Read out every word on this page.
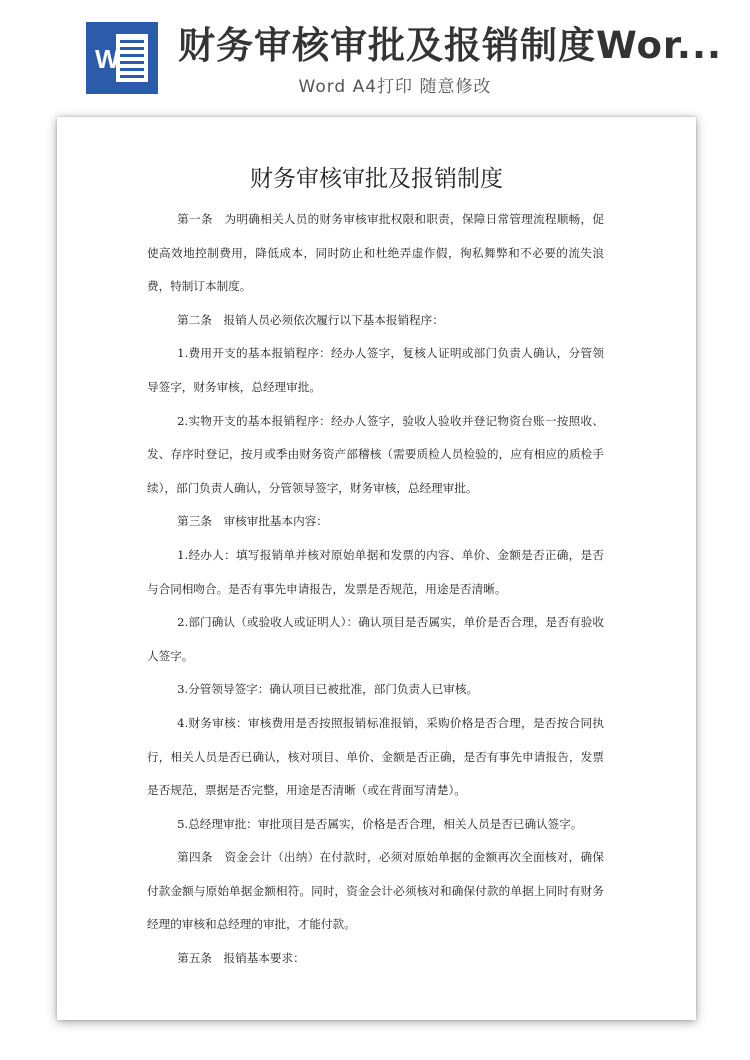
W 财务审核审批及报销制度Wor...
Word A4打印 随意修改
财务审核审批及报销制度

第一条　为明确相关人员的财务审核审批权限和职责，保障日常管理流程顺畅，促使高效地控制费用，降低成本，同时防止和杜绝弄虚作假，徇私舞弊和不必要的流失浪费，特制订本制度。

第二条　报销人员必须依次履行以下基本报销程序：

1.费用开支的基本报销程序：经办人签字，复核人证明或部门负责人确认，分管领导签字，财务审核，总经理审批。

2.实物开支的基本报销程序：经办人签字，验收人验收并登记物资台账一按照收、发、存序时登记，按月或季由财务资产部稽核（需要质检人员检验的，应有相应的质检手续），部门负责人确认，分管领导签字，财务审核，总经理审批。

第三条　审核审批基本内容：

1.经办人：填写报销单并核对原始单据和发票的内容、单价、金额是否正确，是否与合同相吻合。是否有事先申请报告，发票是否规范，用途是否清晰。

2.部门确认（或验收人或证明人）：确认项目是否属实，单价是否合理，是否有验收人签字。

3.分管领导签字：确认项目已被批准，部门负责人已审核。

4.财务审核：审核费用是否按照报销标准报销，采购价格是否合理，是否按合同执行，相关人员是否已确认，核对项目、单价、金额是否正确，是否有事先申请报告，发票是否规范，票据是否完整，用途是否清晰（或在背面写清楚）。

5.总经理审批：审批项目是否属实，价格是否合理，相关人员是否已确认签字。

第四条　资金会计（出纳）在付款时，必须对原始单据的金额再次全面核对，确保付款金额与原始单据金额相符。同时，资金会计必须核对和确保付款的单据上同时有财务经理的审核和总经理的审批，才能付款。

第五条　报销基本要求：
